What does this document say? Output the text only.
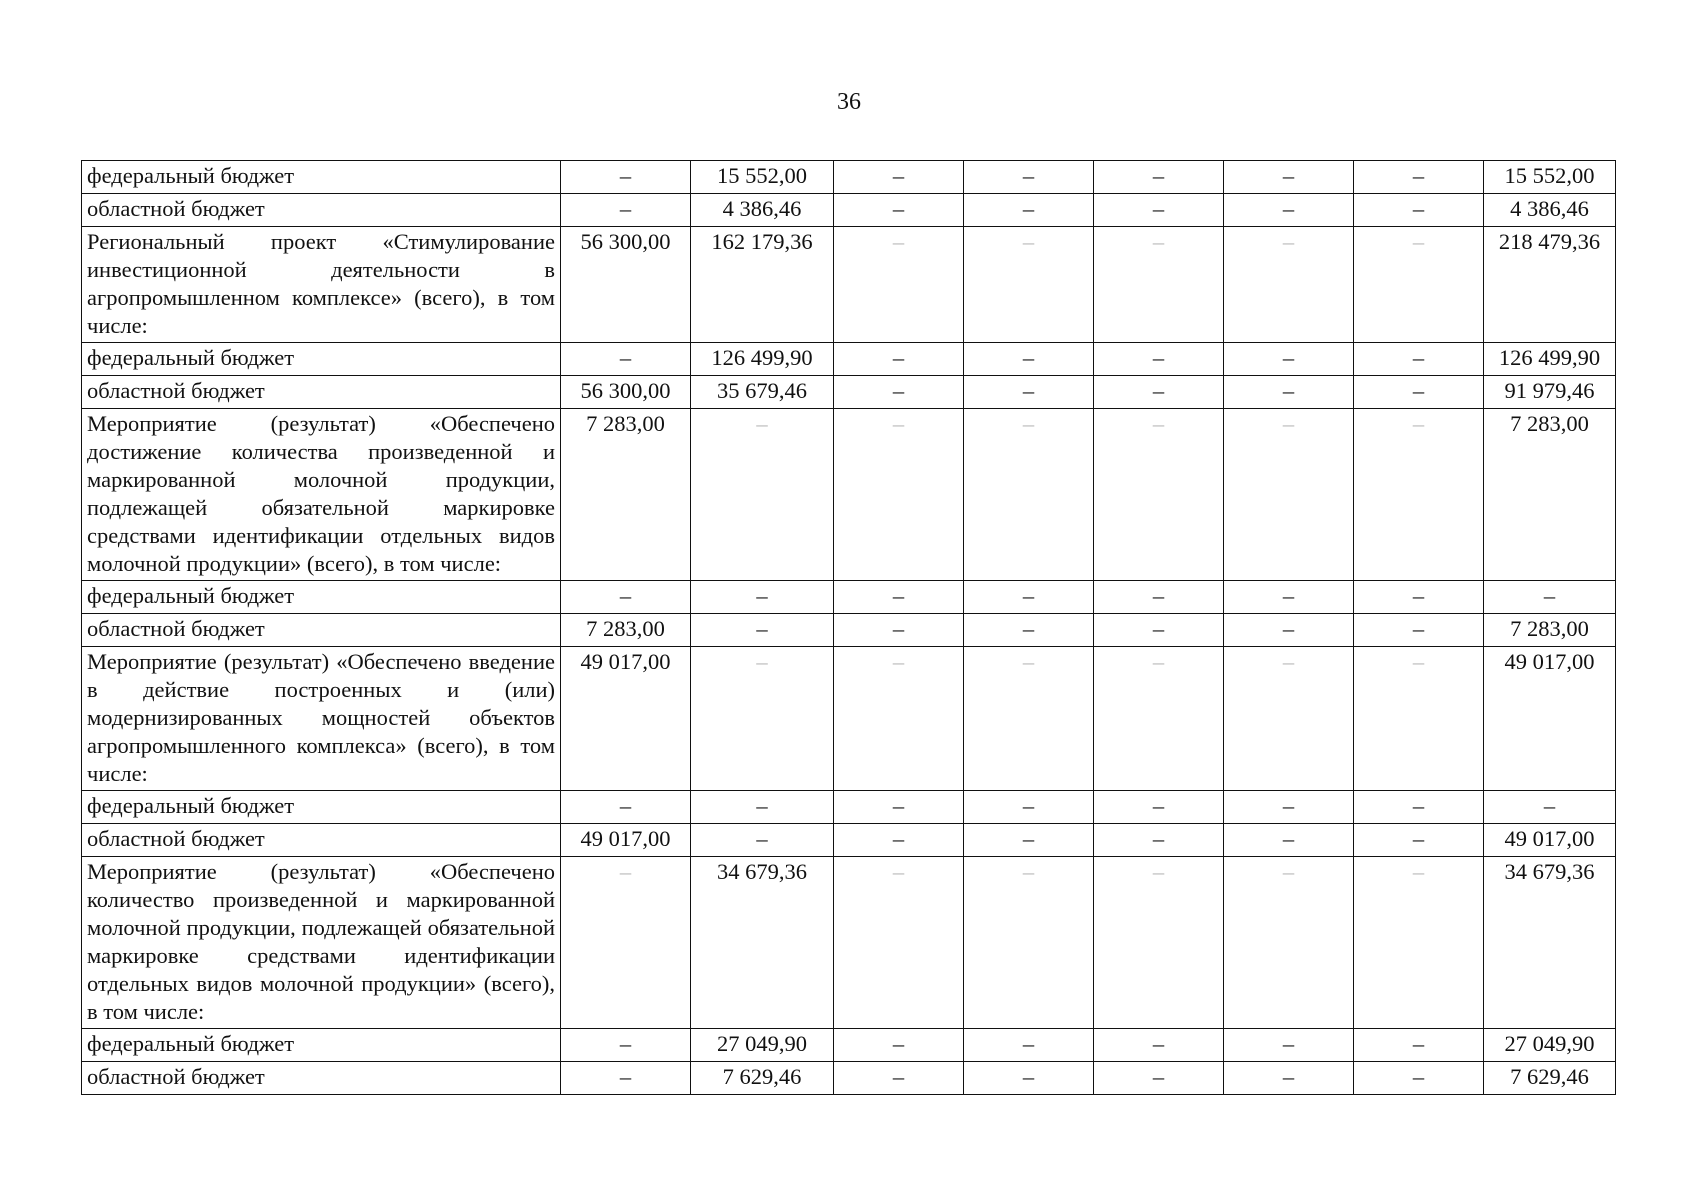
36
федеральный бюджет	–	15 552,00	–	–	–	–	–	15 552,00
областной бюджет	–	4 386,46	–	–	–	–	–	4 386,46
Региональный проект «Стимулирование инвестиционной деятельности в агропромышленном комплексе» (всего), в том числе:	56 300,00	162 179,36	–	–	–	–	–	218 479,36
федеральный бюджет	–	126 499,90	–	–	–	–	–	126 499,90
областной бюджет	56 300,00	35 679,46	–	–	–	–	–	91 979,46
Мероприятие (результат) «Обеспечено достижение количества произведенной и маркированной молочной продукции, подлежащей обязательной маркировке средствами идентификации отдельных видов молочной продукции» (всего), в том числе:	7 283,00	–	–	–	–	–	–	7 283,00
федеральный бюджет	–	–	–	–	–	–	–	–
областной бюджет	7 283,00	–	–	–	–	–	–	7 283,00
Мероприятие (результат) «Обеспечено введение в действие построенных и (или) модернизированных мощностей объектов агропромышленного комплекса» (всего), в том числе:	49 017,00	–	–	–	–	–	–	49 017,00
федеральный бюджет	–	–	–	–	–	–	–	–
областной бюджет	49 017,00	–	–	–	–	–	–	49 017,00
Мероприятие (результат) «Обеспечено количество произведенной и маркированной молочной продукции, подлежащей обязательной маркировке средствами идентификации отдельных видов молочной продукции» (всего), в том числе:	–	34 679,36	–	–	–	–	–	34 679,36
федеральный бюджет	–	27 049,90	–	–	–	–	–	27 049,90
областной бюджет	–	7 629,46	–	–	–	–	–	7 629,46
